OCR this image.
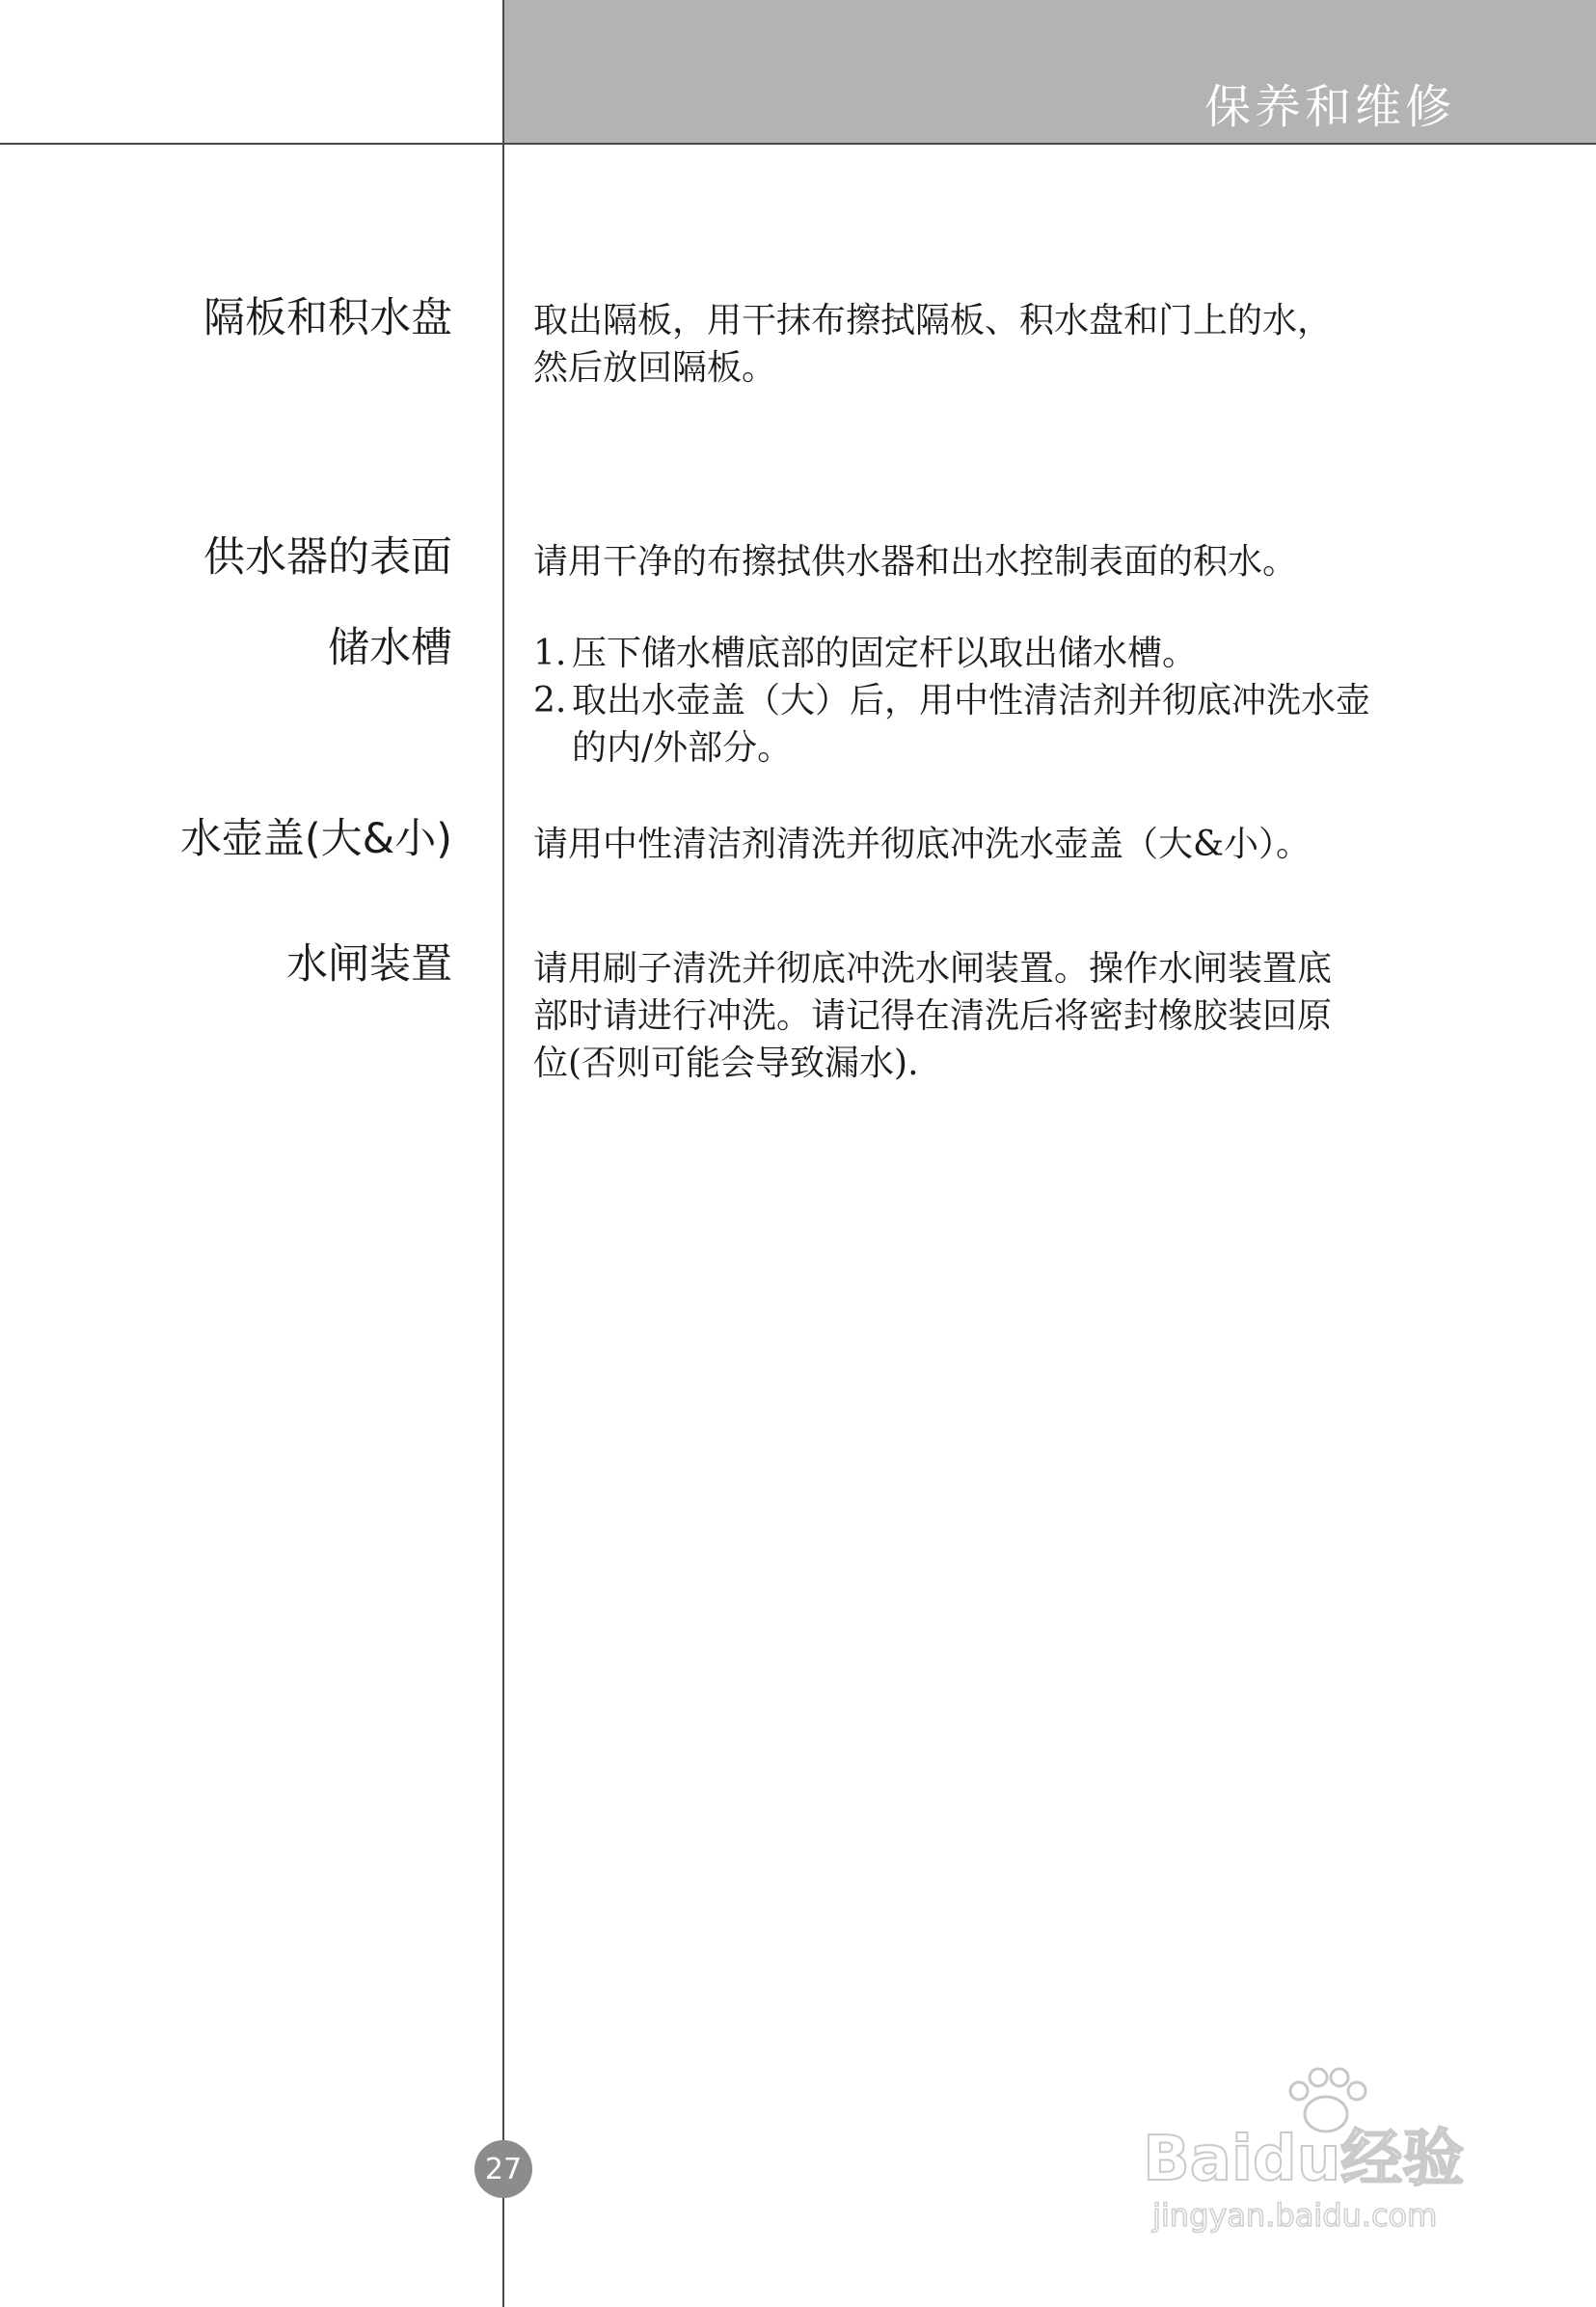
保养和维修
隔板和积水盘 取出隔板，用干抹布擦拭隔板、积水盘和门上的水，

然后放回隔板。

供水器的表面 请用干净的布擦拭供水器和出水控制表面的积水。

储水槽 1. 压下储水槽底部的固定杆以取出储水槽。

2. 取出水壶盖（大）后，用中性清洁剂并彻底冲洗水壶

的内/外部分。

水壶盖(大&小) 请用中性清洁剂清洗并彻底冲洗水壶盖（大&小）。

水闸装置 请用刷子清洗并彻底冲洗水闸装置。操作水闸装置底

部时请进行冲洗。请记得在清洗后将密封橡胶装回原

位(否则可能会导致漏水).

27	Baidu经验
jingyan.baidu.com
